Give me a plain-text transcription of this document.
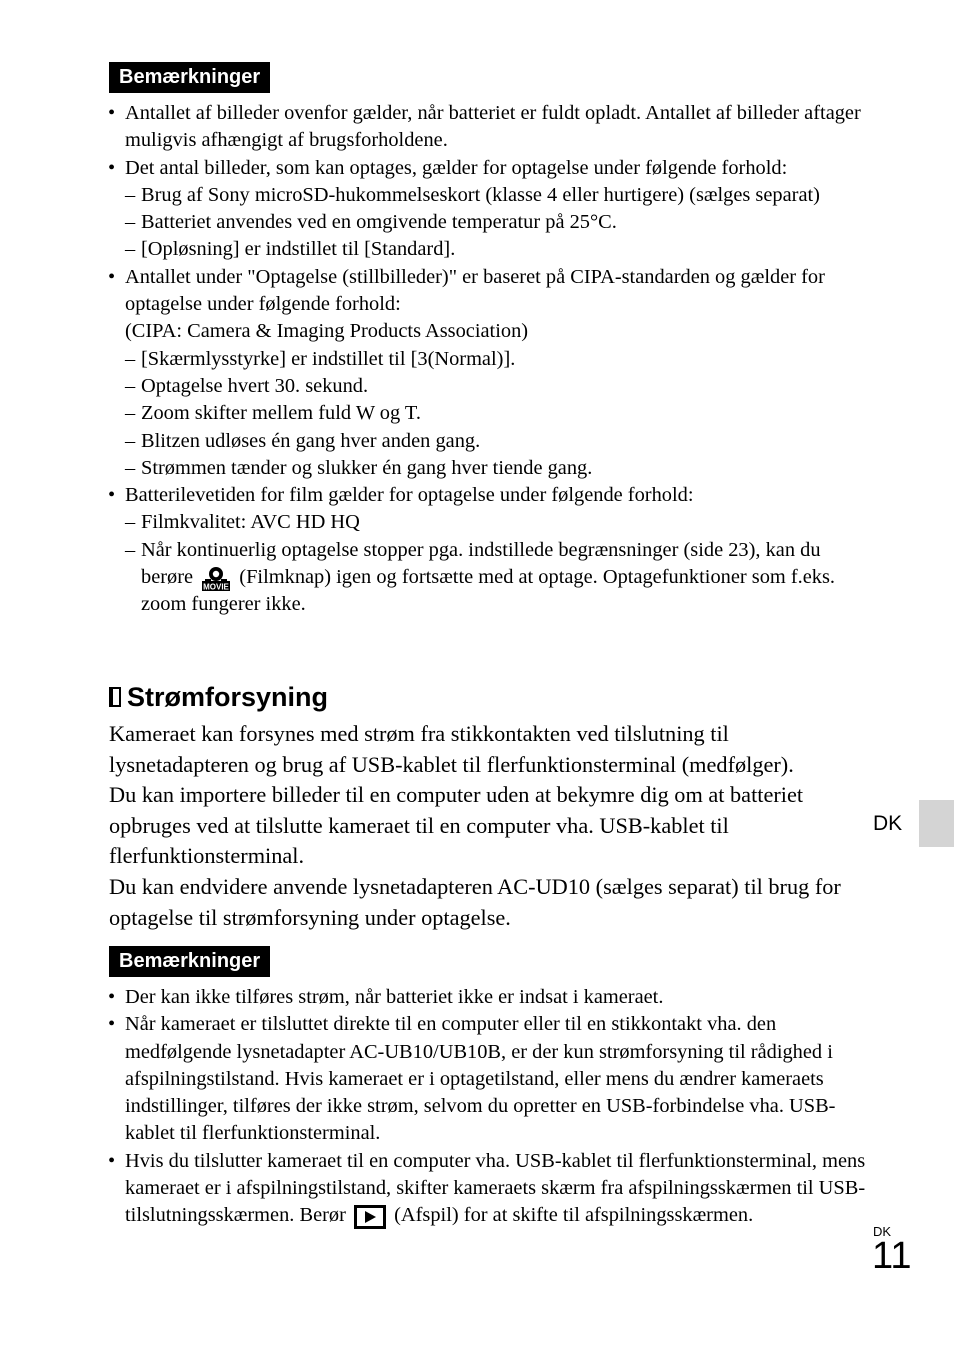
Bemærkninger
• Antallet af billeder ovenfor gælder, når batteriet er fuldt opladt. Antallet af billeder aftager muligvis afhængigt af brugsforholdene.
• Det antal billeder, som kan optages, gælder for optagelse under følgende forhold:
– Brug af Sony microSD-hukommelseskort (klasse 4 eller hurtigere) (sælges separat)
– Batteriet anvendes ved en omgivende temperatur på 25°C.
– [Opløsning] er indstillet til [Standard].
• Antallet under "Optagelse (stillbilleder)" er baseret på CIPA-standarden og gælder for optagelse under følgende forhold:
(CIPA: Camera & Imaging Products Association)
– [Skærmlysstyrke] er indstillet til [3(Normal)].
– Optagelse hvert 30. sekund.
– Zoom skifter mellem fuld W og T.
– Blitzen udløses én gang hver anden gang.
– Strømmen tænder og slukker én gang hver tiende gang.
• Batterilevetiden for film gælder for optagelse under følgende forhold:
– Filmkvalitet: AVC HD HQ
– Når kontinuerlig optagelse stopper pga. indstillede begrænsninger (side 23), kan du berøre MOVIE (Filmknap) igen og fortsætte med at optage. Optagefunktioner som f.eks. zoom fungerer ikke.
Strømforsyning

Kameraet kan forsynes med strøm fra stikkontakten ved tilslutning til lysnetadapteren og brug af USB-kablet til flerfunktionsterminal (medfølger).

Du kan importere billeder til en computer uden at bekymre dig om at batteriet opbruges ved at tilslutte kameraet til en computer vha. USB-kablet til flerfunktionsterminal.

Du kan endvidere anvende lysnetadapteren AC-UD10 (sælges separat) til brug for optagelse til strømforsyning under optagelse.

Bemærkninger
• Der kan ikke tilføres strøm, når batteriet ikke er indsat i kameraet.
• Når kameraet er tilsluttet direkte til en computer eller til en stikkontakt vha. den medfølgende lysnetadapter AC-UB10/UB10B, er der kun strømforsyning til rådighed i afspilningstilstand. Hvis kameraet er i optagetilstand, eller mens du ændrer kameraets indstillinger, tilføres der ikke strøm, selvom du opretter en USB-forbindelse vha. USB-kablet til flerfunktionsterminal.
• Hvis du tilslutter kameraet til en computer vha. USB-kablet til flerfunktionsterminal, mens kameraet er i afspilningstilstand, skifter kameraets skærm fra afspilningsskærmen til USB-tilslutningsskærmen. Berør (Afspil) for at skifte til afspilningsskærmen.
DK
DK
11
